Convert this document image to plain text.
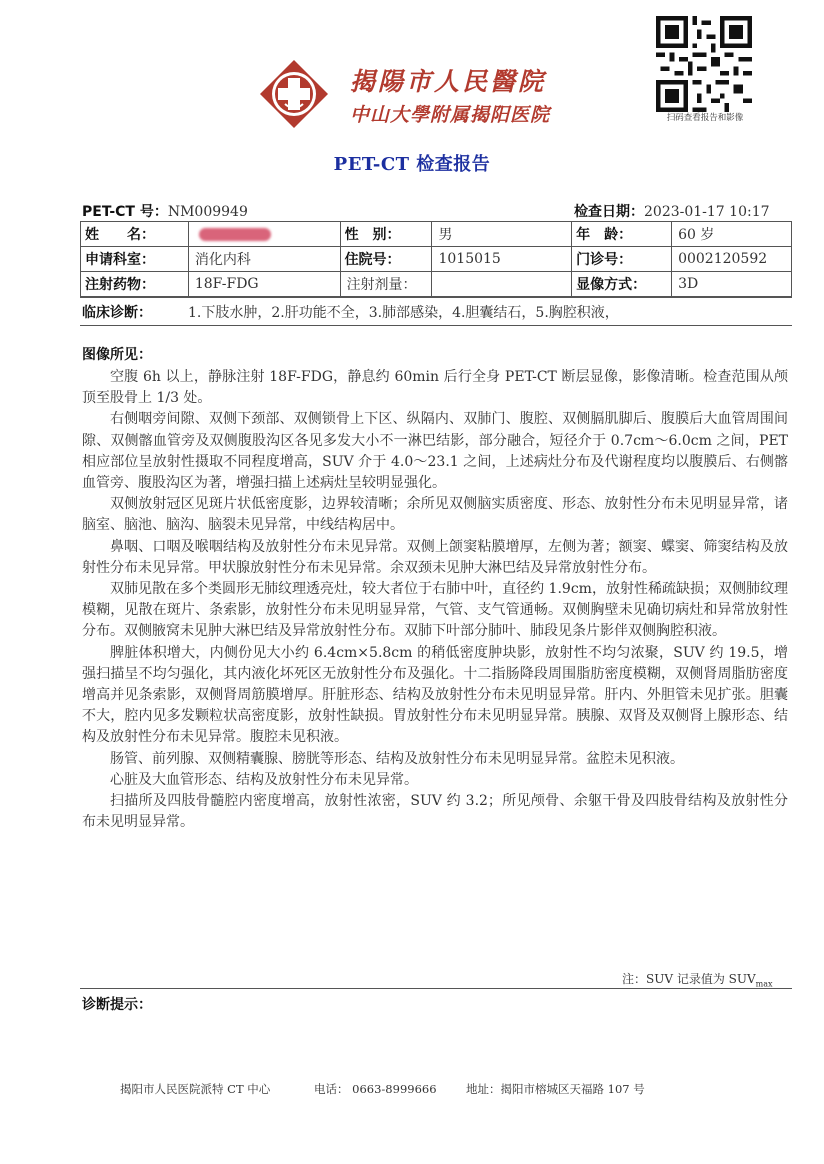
揭陽市人民醫院
中山大學附属揭阳医院	扫码查看报告和影像
PET-CT 检查报告
PET-CT 号：NM009949	检查日期：2023-01-17 10:17
姓　　名：		性　别：	男	年　龄：	60 岁
申请科室：	消化内科	住院号：	1015015	门诊号：	0002120592
注射药物：	18F-FDG	注射剂量：		显像方式：	3D
临床诊断：	1.下肢水肿，2.肝功能不全，3.肺部感染，4.胆囊结石，5.胸腔积液，
图像所见：

空腹 6h 以上，静脉注射 18F-FDG，静息约 60min 后行全身 PET-CT 断层显像，影像清晰。检查范围从颅顶至股骨上 1/3 处。

右侧咽旁间隙、双侧下颈部、双侧锁骨上下区、纵隔内、双肺门、腹腔、双侧膈肌脚后、腹膜后大血管周围间隙、双侧髂血管旁及双侧腹股沟区各见多发大小不一淋巴结影，部分融合，短径介于 0.7cm～6.0cm 之间，PET 相应部位呈放射性摄取不同程度增高，SUV 介于 4.0～23.1 之间，上述病灶分布及代谢程度均以腹膜后、右侧髂血管旁、腹股沟区为著，增强扫描上述病灶呈较明显强化。

双侧放射冠区见斑片状低密度影，边界较清晰；余所见双侧脑实质密度、形态、放射性分布未见明显异常，诸脑室、脑池、脑沟、脑裂未见异常，中线结构居中。

鼻咽、口咽及喉咽结构及放射性分布未见异常。双侧上颌窦粘膜增厚，左侧为著；额窦、蝶窦、筛窦结构及放射性分布未见异常。甲状腺放射性分布未见异常。余双颈未见肿大淋巴结及异常放射性分布。

双肺见散在多个类圆形无肺纹理透亮灶，较大者位于右肺中叶，直径约 1.9cm，放射性稀疏缺损；双侧肺纹理模糊，见散在斑片、条索影，放射性分布未见明显异常，气管、支气管通畅。双侧胸壁未见确切病灶和异常放射性分布。双侧腋窝未见肿大淋巴结及异常放射性分布。双肺下叶部分肺叶、肺段见条片影伴双侧胸腔积液。

脾脏体积增大，内侧份见大小约 6.4cm×5.8cm 的稍低密度肿块影，放射性不均匀浓聚，SUV 约 19.5，增强扫描呈不均匀强化，其内液化坏死区无放射性分布及强化。十二指肠降段周围脂肪密度模糊，双侧肾周脂肪密度增高并见条索影，双侧肾周筋膜增厚。肝脏形态、结构及放射性分布未见明显异常。肝内、外胆管未见扩张。胆囊不大，腔内见多发颗粒状高密度影，放射性缺损。胃放射性分布未见明显异常。胰腺、双肾及双侧肾上腺形态、结构及放射性分布未见异常。腹腔未见积液。

肠管、前列腺、双侧精囊腺、膀胱等形态、结构及放射性分布未见明显异常。盆腔未见积液。

心脏及大血管形态、结构及放射性分布未见异常。

扫描所及四肢骨髓腔内密度增高，放射性浓密，SUV 约 3.2；所见颅骨、余躯干骨及四肢骨结构及放射性分布未见明显异常。

注：SUV 记录值为 $SUV_{max}$
诊断提示：
揭阳市人民医院派特 CT 中心	电话： 0663-8999666	地址：揭阳市榕城区天福路 107 号
